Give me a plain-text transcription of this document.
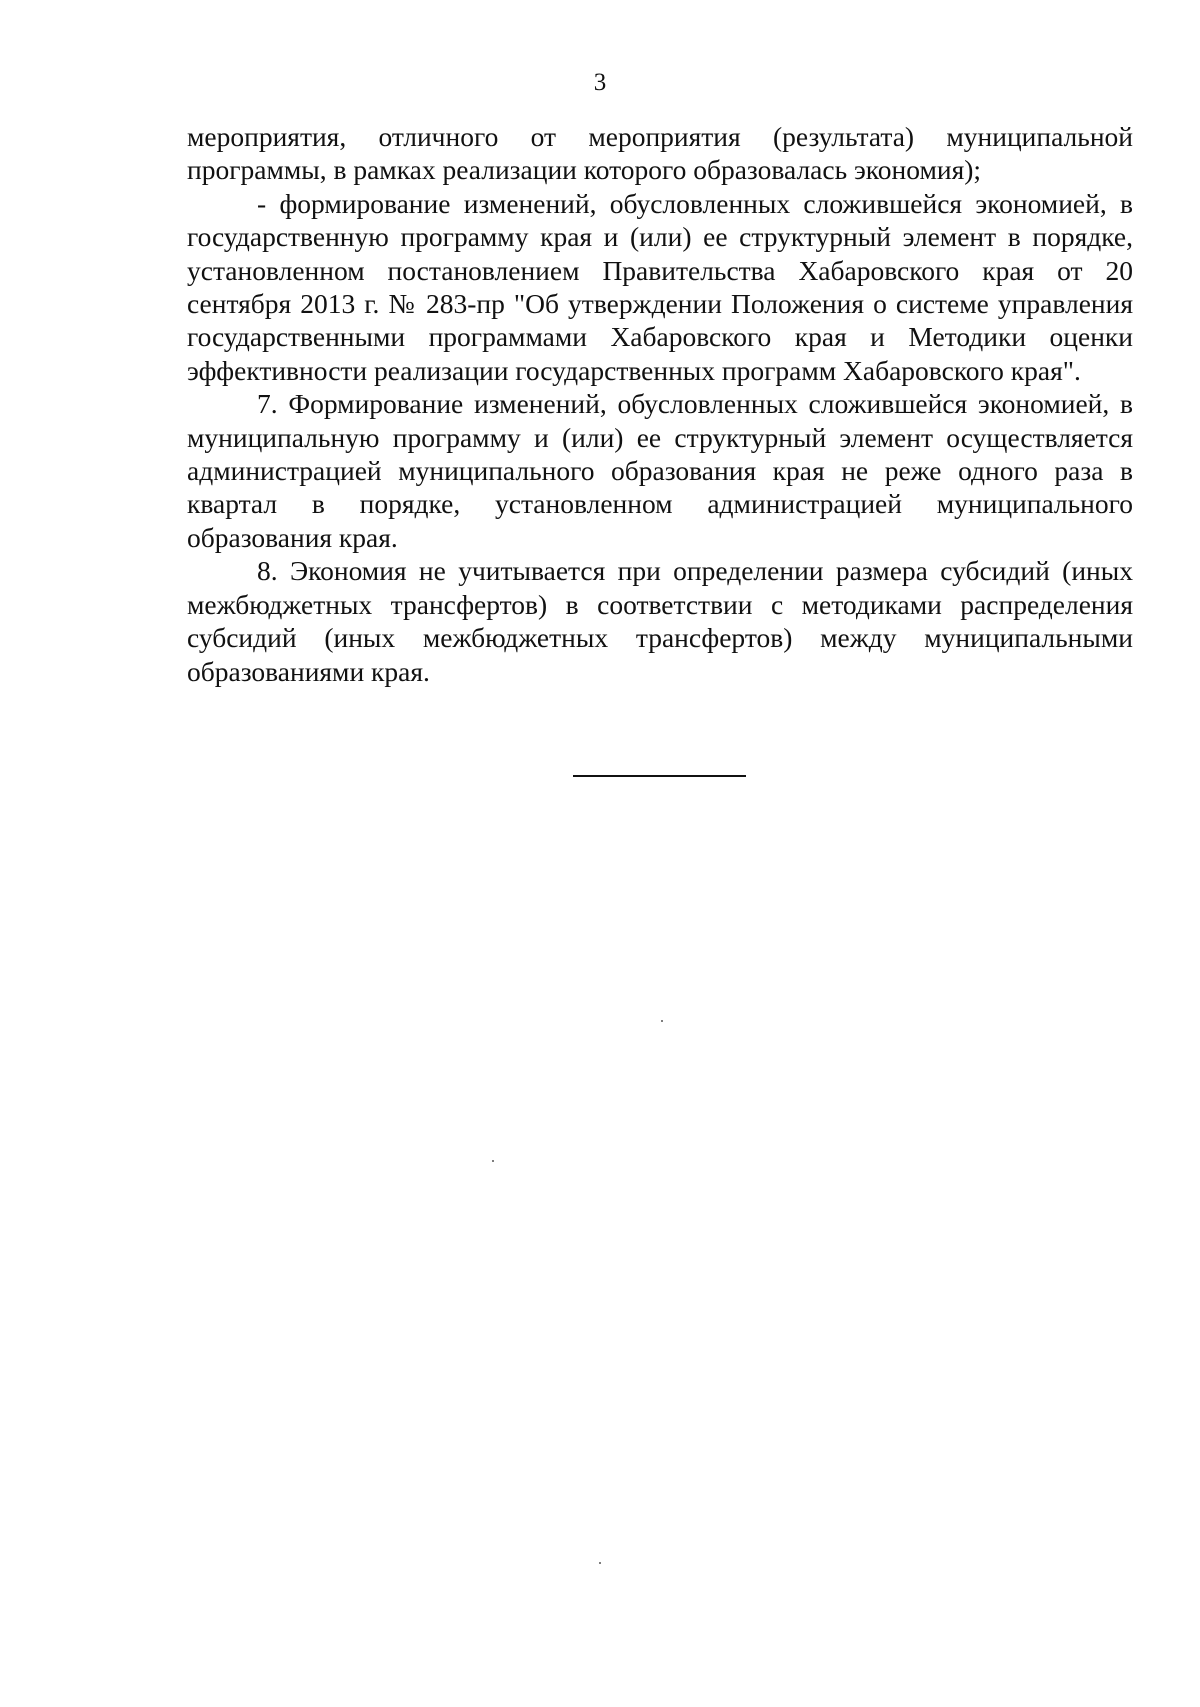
3

мероприятия, отличного от мероприятия (результата) муниципальной программы, в рамках реализации которого образовалась экономия);

- формирование изменений, обусловленных сложившейся экономией, в государственную программу края и (или) ее структурный элемент в порядке, установленном постановлением Правительства Хабаровского края от 20 сентября 2013 г. № 283-пр "Об утверждении Положения о системе управления государственными программами Хабаровского края и Методики оценки эффективности реализации государственных программ Хабаровского края".

7. Формирование изменений, обусловленных сложившейся экономией, в муниципальную программу и (или) ее структурный элемент осуществляется администрацией муниципального образования края не реже одного раза в квартал в порядке, установленном администрацией муниципального образования края.

8. Экономия не учитывается при определении размера субсидий (иных межбюджетных трансфертов) в соответствии с методиками распределения субсидий (иных межбюджетных трансфертов) между муниципальными образованиями края.
